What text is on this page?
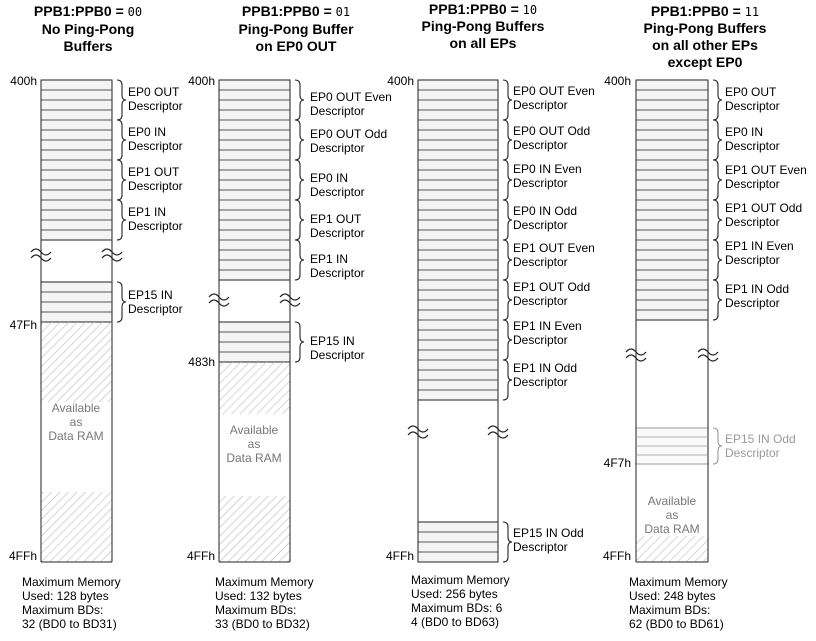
PPB1:PPB0 = 00
No Ping-Pong
Buffers
400h
47Fh
4FFh
Available
as
Data RAM
EP0 OUT
Descriptor
EP0 IN
Descriptor
EP1 OUT
Descriptor
EP1 IN
Descriptor
EP15 IN
Descriptor
Maximum Memory
Used: 128 bytes
Maximum BDs:
32 (BD0 to BD31)
PPB1:PPB0 = 01
Ping-Pong Buffer
on EP0 OUT
400h
483h
4FFh
Available
as
Data RAM
EP0 OUT Even
Descriptor
EP0 OUT Odd
Descriptor
EP0 IN
Descriptor
EP1 OUT
Descriptor
EP1 IN
Descriptor
EP15 IN
Descriptor
Maximum Memory
Used: 132 bytes
Maximum BDs:
33 (BD0 to BD32)
PPB1:PPB0 = 10
Ping-Pong Buffers
on all EPs
400h
4FFh
EP0 OUT Even
Descriptor
EP0 OUT Odd
Descriptor
EP0 IN Even
Descriptor
EP0 IN Odd
Descriptor
EP1 OUT Even
Descriptor
EP1 OUT Odd
Descriptor
EP1 IN Even
Descriptor
EP1 IN Odd
Descriptor
EP15 IN Odd
Descriptor
Maximum Memory
Used: 256 bytes
Maximum BDs: 6
4 (BD0 to BD63)
PPB1:PPB0 = 11
Ping-Pong Buffers
on all other EPs
except EP0
400h
4F7h
4FFh
Available
as
Data RAM
EP0 OUT
Descriptor
EP0 IN
Descriptor
EP1 OUT Even
Descriptor
EP1 OUT Odd
Descriptor
EP1 IN Even
Descriptor
EP1 IN Odd
Descriptor
EP15 IN Odd
Descriptor
Maximum Memory
Used: 248 bytes
Maximum BDs:
62 (BD0 to BD61)
